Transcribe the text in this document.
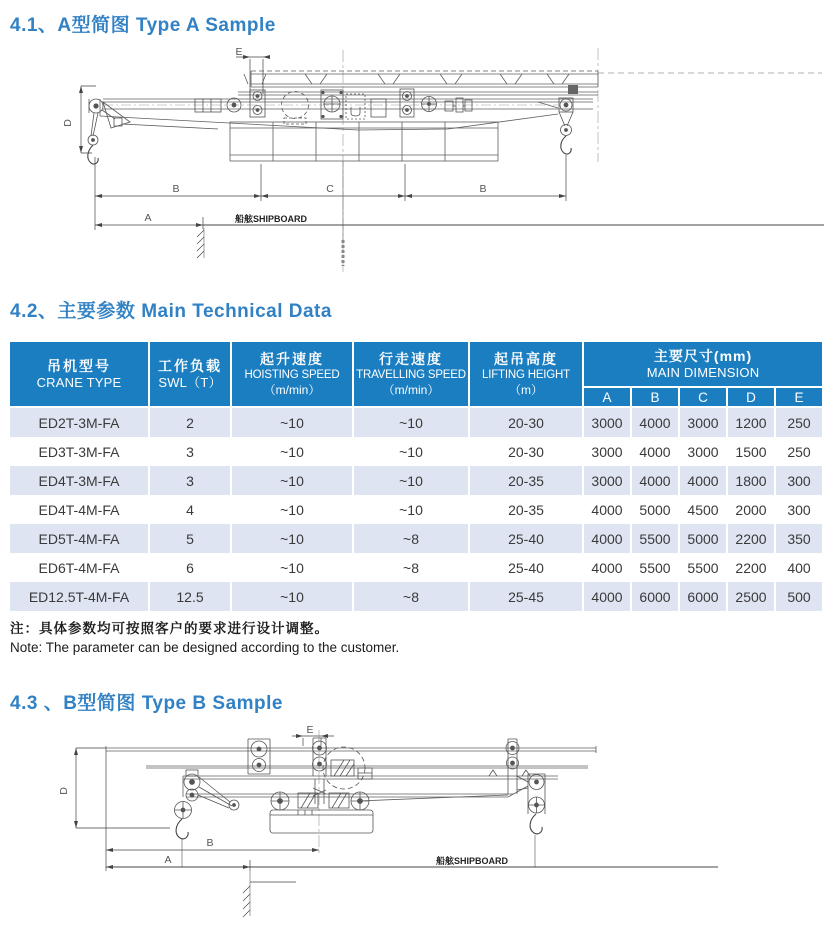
4.1、A型简图 Type A Sample
E
D
B	C	B
A	船舷SHIPBOARD
4.2、主要参数 Main Technical Data
吊机型号
CRANE TYPE

工作负载
SWL（T）

起升速度
HOISTING SPEED
（m/min）

行走速度
TRAVELLING SPEED
（m/min）

起吊高度
LIFTING HEIGHT
（m）

主要尺寸(mm)
MAIN DIMENSION

					A	B	C	D	E
ED2T-3M-FA	2	~10	~10	20-30	3000	4000	3000	1200	250
ED3T-3M-FA	3	~10	~10	20-30	3000	4000	3000	1500	250
ED4T-3M-FA	3	~10	~10	20-35	3000	4000	4000	1800	300
ED4T-4M-FA	4	~10	~10	20-35	4000	5000	4500	2000	300
ED5T-4M-FA	5	~10	~8	25-40	4000	5500	5000	2200	350
ED6T-4M-FA	6	~10	~8	25-40	4000	5500	5500	2200	400
ED12.5T-4M-FA	12.5	~10	~8	25-45	4000	6000	6000	2500	500
注：具体参数均可按照客户的要求进行设计调整。
Note: The parameter can be designed according to the customer.
4.3 、B型简图 Type B Sample
E
D
B
A	船舷SHIPBOARD
